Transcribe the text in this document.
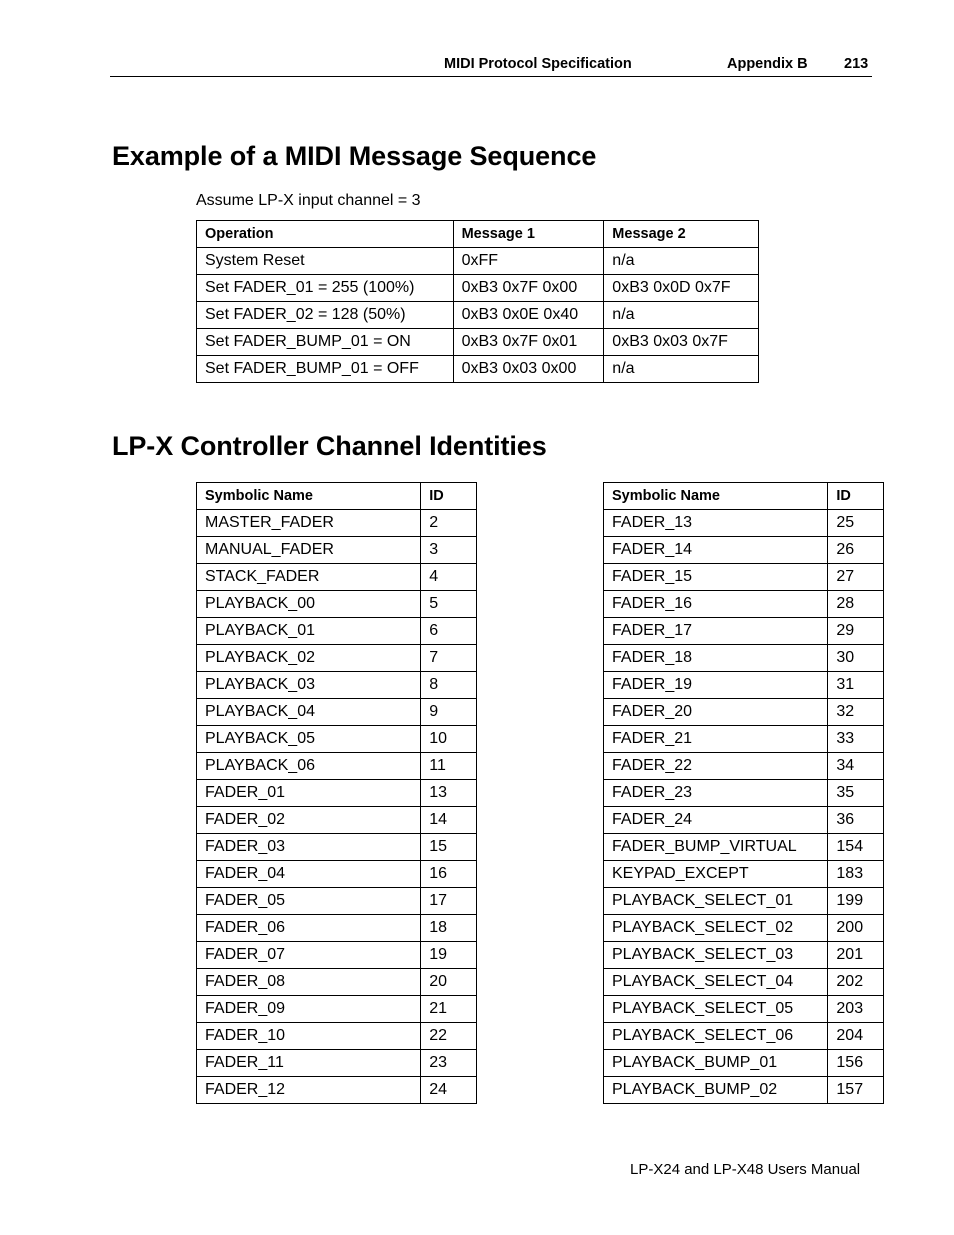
MIDI Protocol Specification	Appendix B	213
Example of a MIDI Message Sequence
Assume LP-X input channel = 3
Operation	Message 1	Message 2
System Reset	0xFF	n/a
Set FADER_01 = 255 (100%)	0xB3 0x7F 0x00	0xB3 0x0D 0x7F
Set FADER_02 = 128 (50%)	0xB3 0x0E 0x40	n/a
Set FADER_BUMP_01 = ON	0xB3 0x7F 0x01	0xB3 0x03 0x7F
Set FADER_BUMP_01 = OFF	0xB3 0x03 0x00	n/a
LP-X Controller Channel Identities
Symbolic Name	ID
MASTER_FADER	2
MANUAL_FADER	3
STACK_FADER	4
PLAYBACK_00	5
PLAYBACK_01	6
PLAYBACK_02	7
PLAYBACK_03	8
PLAYBACK_04	9
PLAYBACK_05	10
PLAYBACK_06	11
FADER_01	13
FADER_02	14
FADER_03	15
FADER_04	16
FADER_05	17
FADER_06	18
FADER_07	19
FADER_08	20
FADER_09	21
FADER_10	22
FADER_11	23
FADER_12	24
Symbolic Name	ID
FADER_13	25
FADER_14	26
FADER_15	27
FADER_16	28
FADER_17	29
FADER_18	30
FADER_19	31
FADER_20	32
FADER_21	33
FADER_22	34
FADER_23	35
FADER_24	36
FADER_BUMP_VIRTUAL	154
KEYPAD_EXCEPT	183
PLAYBACK_SELECT_01	199
PLAYBACK_SELECT_02	200
PLAYBACK_SELECT_03	201
PLAYBACK_SELECT_04	202
PLAYBACK_SELECT_05	203
PLAYBACK_SELECT_06	204
PLAYBACK_BUMP_01	156
PLAYBACK_BUMP_02	157
LP-X24 and LP-X48 Users Manual
